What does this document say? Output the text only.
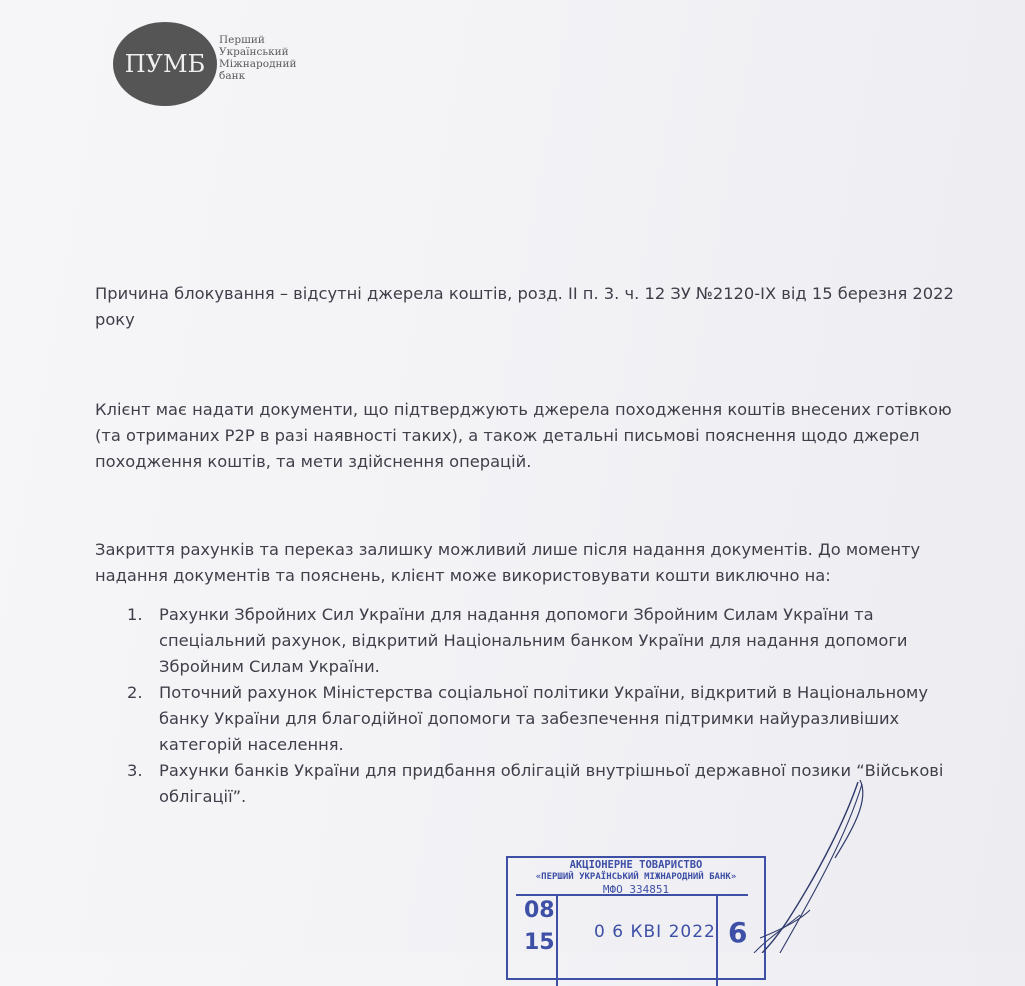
ПУМБ
Перший
Український
Міжнародний
банк
Причина блокування – відсутні джерела коштів, розд. ІІ п. 3. ч. 12 ЗУ №2120-ІХ від 15 березня 2022
року
Клієнт має надати документи, що підтверджують джерела походження коштів внесених готівкою
(та отриманих P2P в разі наявності таких), а також детальні письмові пояснення щодо джерел
походження коштів, та мети здійснення операцій.
Закриття рахунків та переказ залишку можливий лише після надання документів. До моменту
надання документів та пояснень, клієнт може використовувати кошти виключно на:
1. Рахунки Збройних Сил України для надання допомоги Збройним Силам України та
спеціальний рахунок, відкритий Національним банком України для надання допомоги
Збройним Силам України.
2. Поточний рахунок Міністерства соціальної політики України, відкритий в Національному
банку України для благодійної допомоги та забезпечення підтримки найуразливіших
категорій населення.
3. Рахунки банків України для придбання облігацій внутрішньої державної позики “Військові
облігації”.
АКЦІОНЕРНЕ ТОВАРИСТВО
«ПЕРШИЙ УКРАЇНСЬКИЙ МІЖНАРОДНИЙ БАНК»
МФО 334851
08
15 0 6 КВІ 2022 6
